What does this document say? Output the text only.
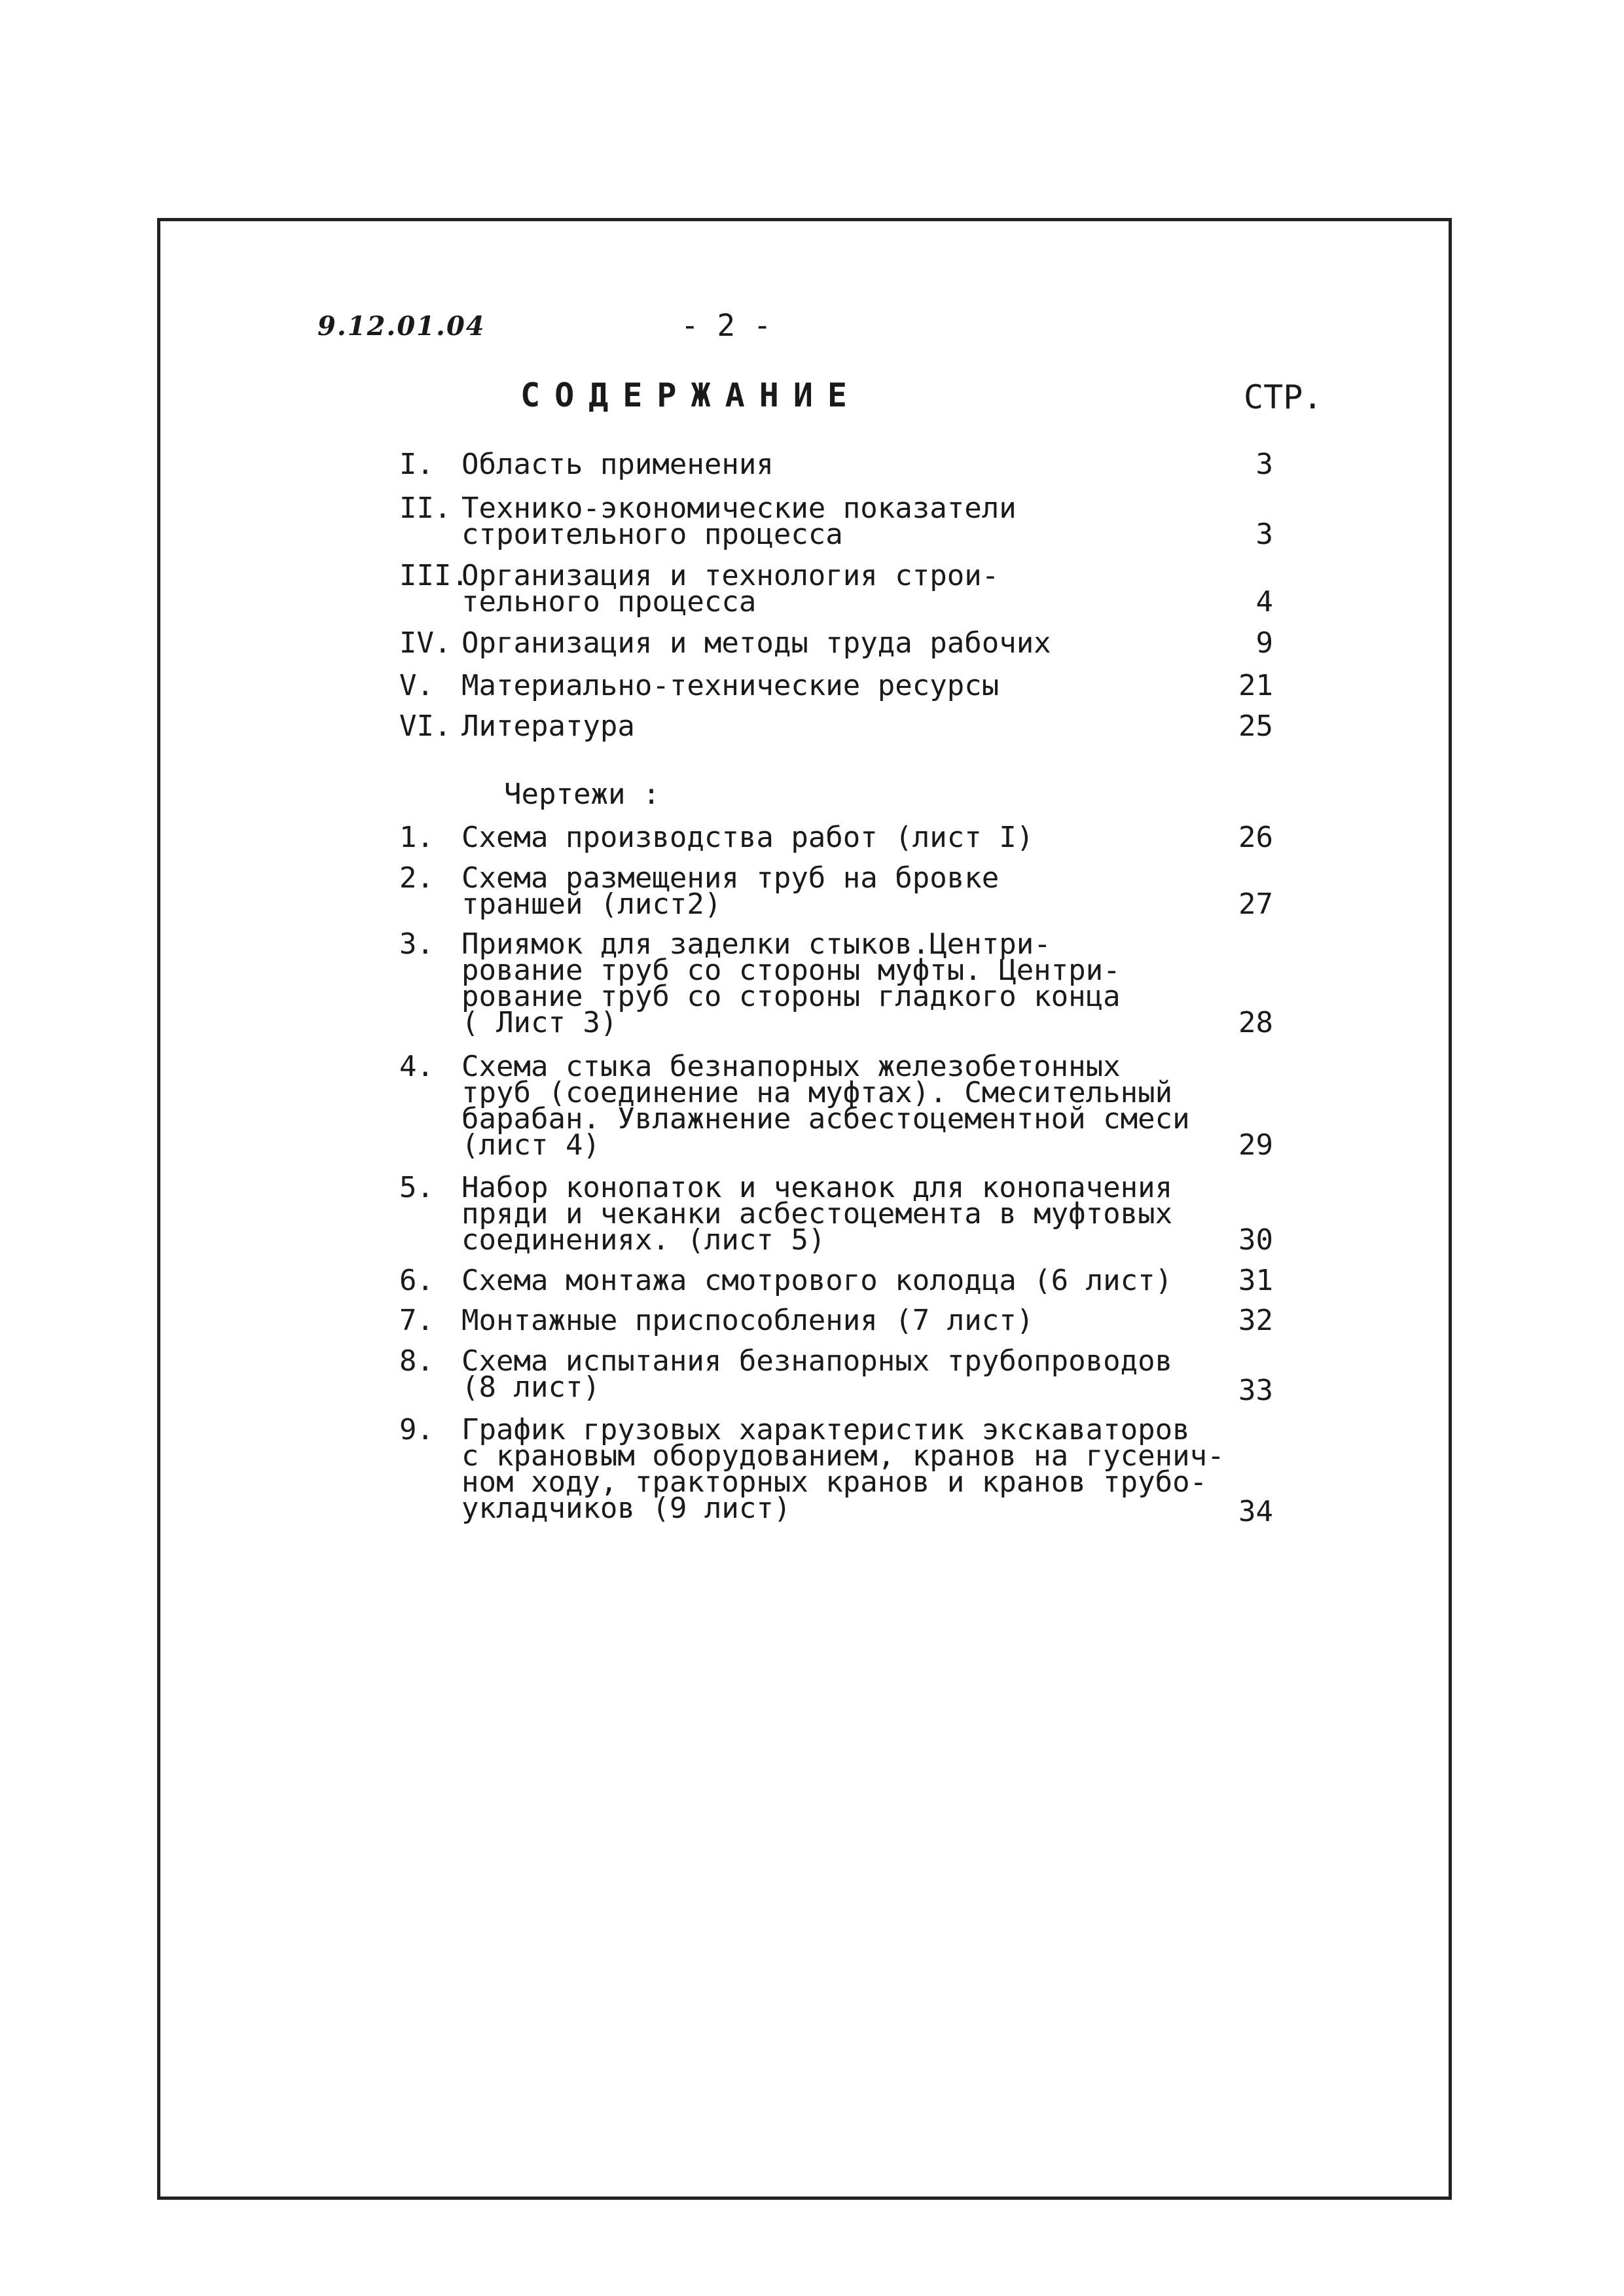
9.12.01.04	- 2 -
СОДЕРЖАНИЕ	СТР.
I. Область применения	3
II. Технико-экономические показатели
строительного процесса	3
III.
Организация и технология строи-
тельного процесса	4
IV. Организация и методы труда рабочих	9
V. Материально-технические ресурсы	21
VI. Литература	25
Чертежи :
1. Схема производства работ (лист I)	26
2. Схема размещения труб на бровке
траншей (лист2)	27
3. Приямок для заделки стыков.Центри-
рование труб со стороны муфты. Центри-
рование труб со стороны гладкого конца
( Лист 3)	28
4. Схема стыка безнапорных железобетонных
труб (соединение на муфтах). Смесительный
барабан. Увлажнение асбестоцементной смеси
(лист 4)	29
5. Набор конопаток и чеканок для конопачения
пряди и чеканки асбестоцемента в муфтовых
соединениях. (лист 5)	30
6. Схема монтажа смотрового колодца (6 лист)	31
7. Монтажные приспособления (7 лист)	32
8. Схема испытания безнапорных трубопроводов
(8 лист)	33
9. График грузовых характеристик экскаваторов
с крановым оборудованием, кранов на гусенич-
ном ходу, тракторных кранов и кранов трубо-
укладчиков (9 лист)	34
